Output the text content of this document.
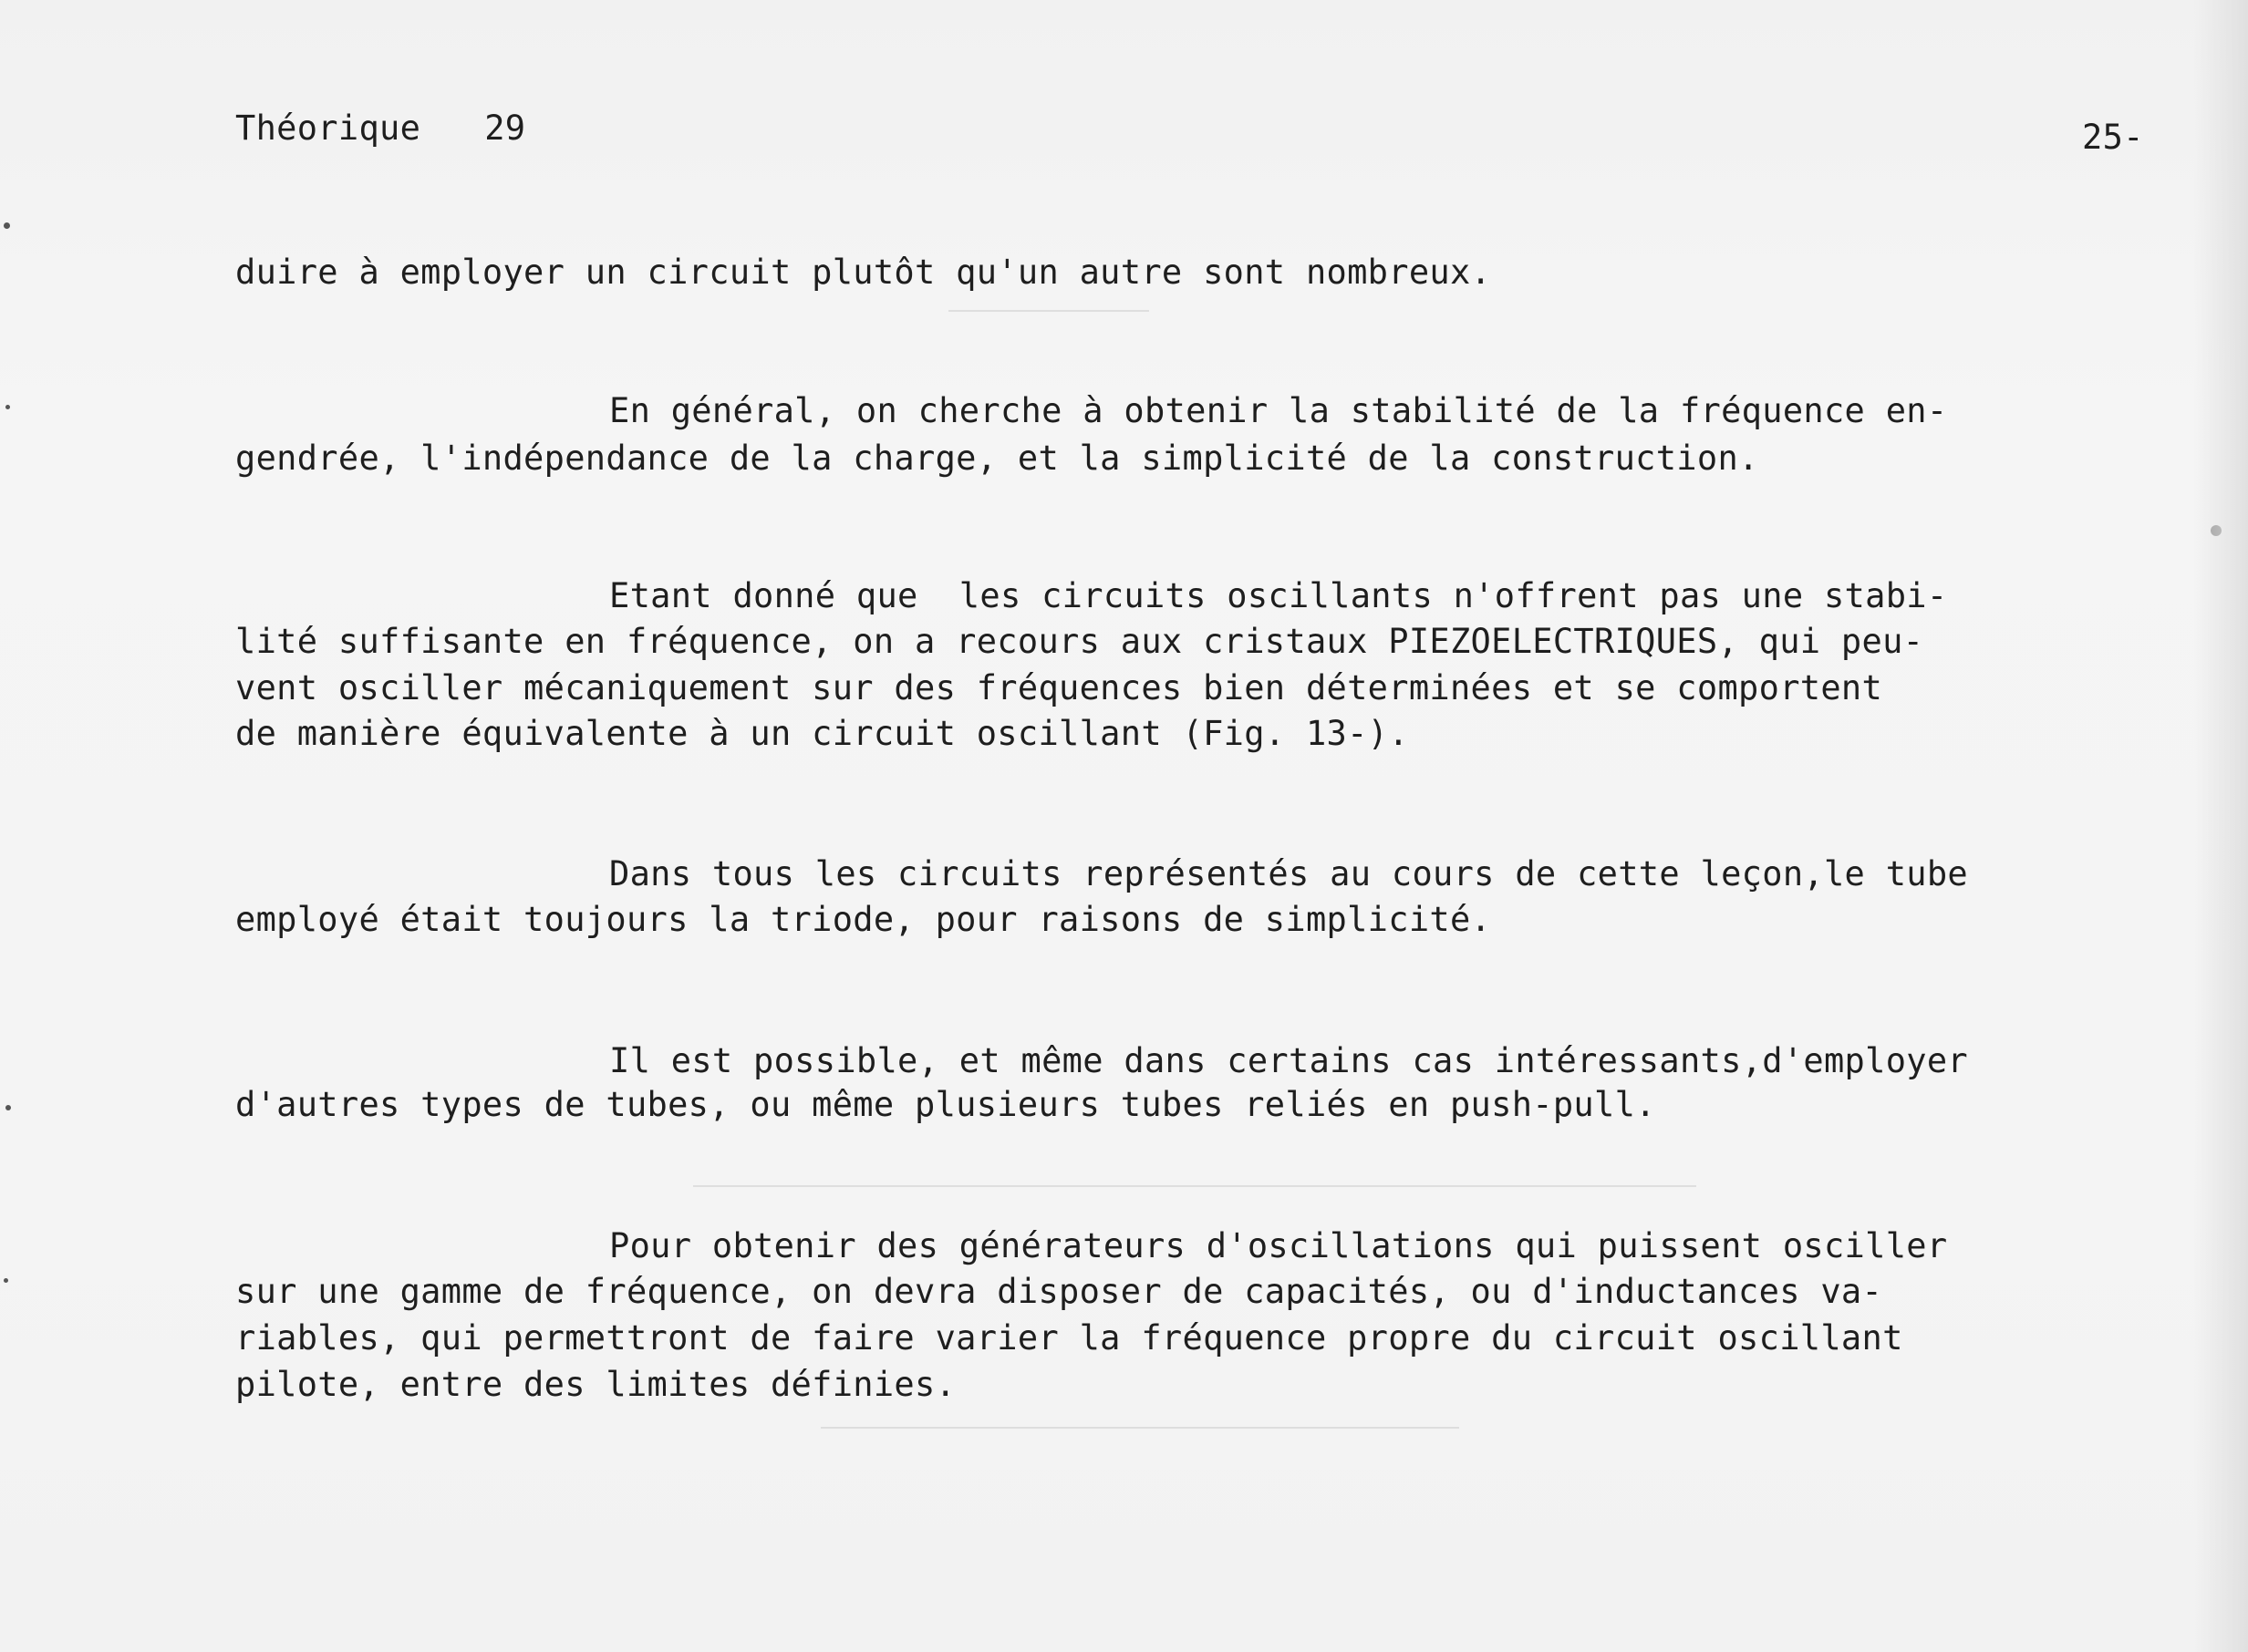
Théorique 29	25-

duire à employer un circuit plutôt qu'un autre sont nombreux.

En général, on cherche à obtenir la stabilité de la fréquence en-

gendrée, l'indépendance de la charge, et la simplicité de la construction.

Etant donné que  les circuits oscillants n'offrent pas une stabi-

lité suffisante en fréquence, on a recours aux cristaux PIEZOELECTRIQUES, qui peu-

vent osciller mécaniquement sur des fréquences bien déterminées et se comportent

de manière équivalente à un circuit oscillant (Fig. 13-).

Dans tous les circuits représentés au cours de cette leçon,le tube

employé était toujours la triode, pour raisons de simplicité.

Il est possible, et même dans certains cas intéressants,d'employer

d'autres types de tubes, ou même plusieurs tubes reliés en push-pull.

Pour obtenir des générateurs d'oscillations qui puissent osciller

sur une gamme de fréquence, on devra disposer de capacités, ou d'inductances va-

riables, qui permettront de faire varier la fréquence propre du circuit oscillant

pilote, entre des limites définies.
